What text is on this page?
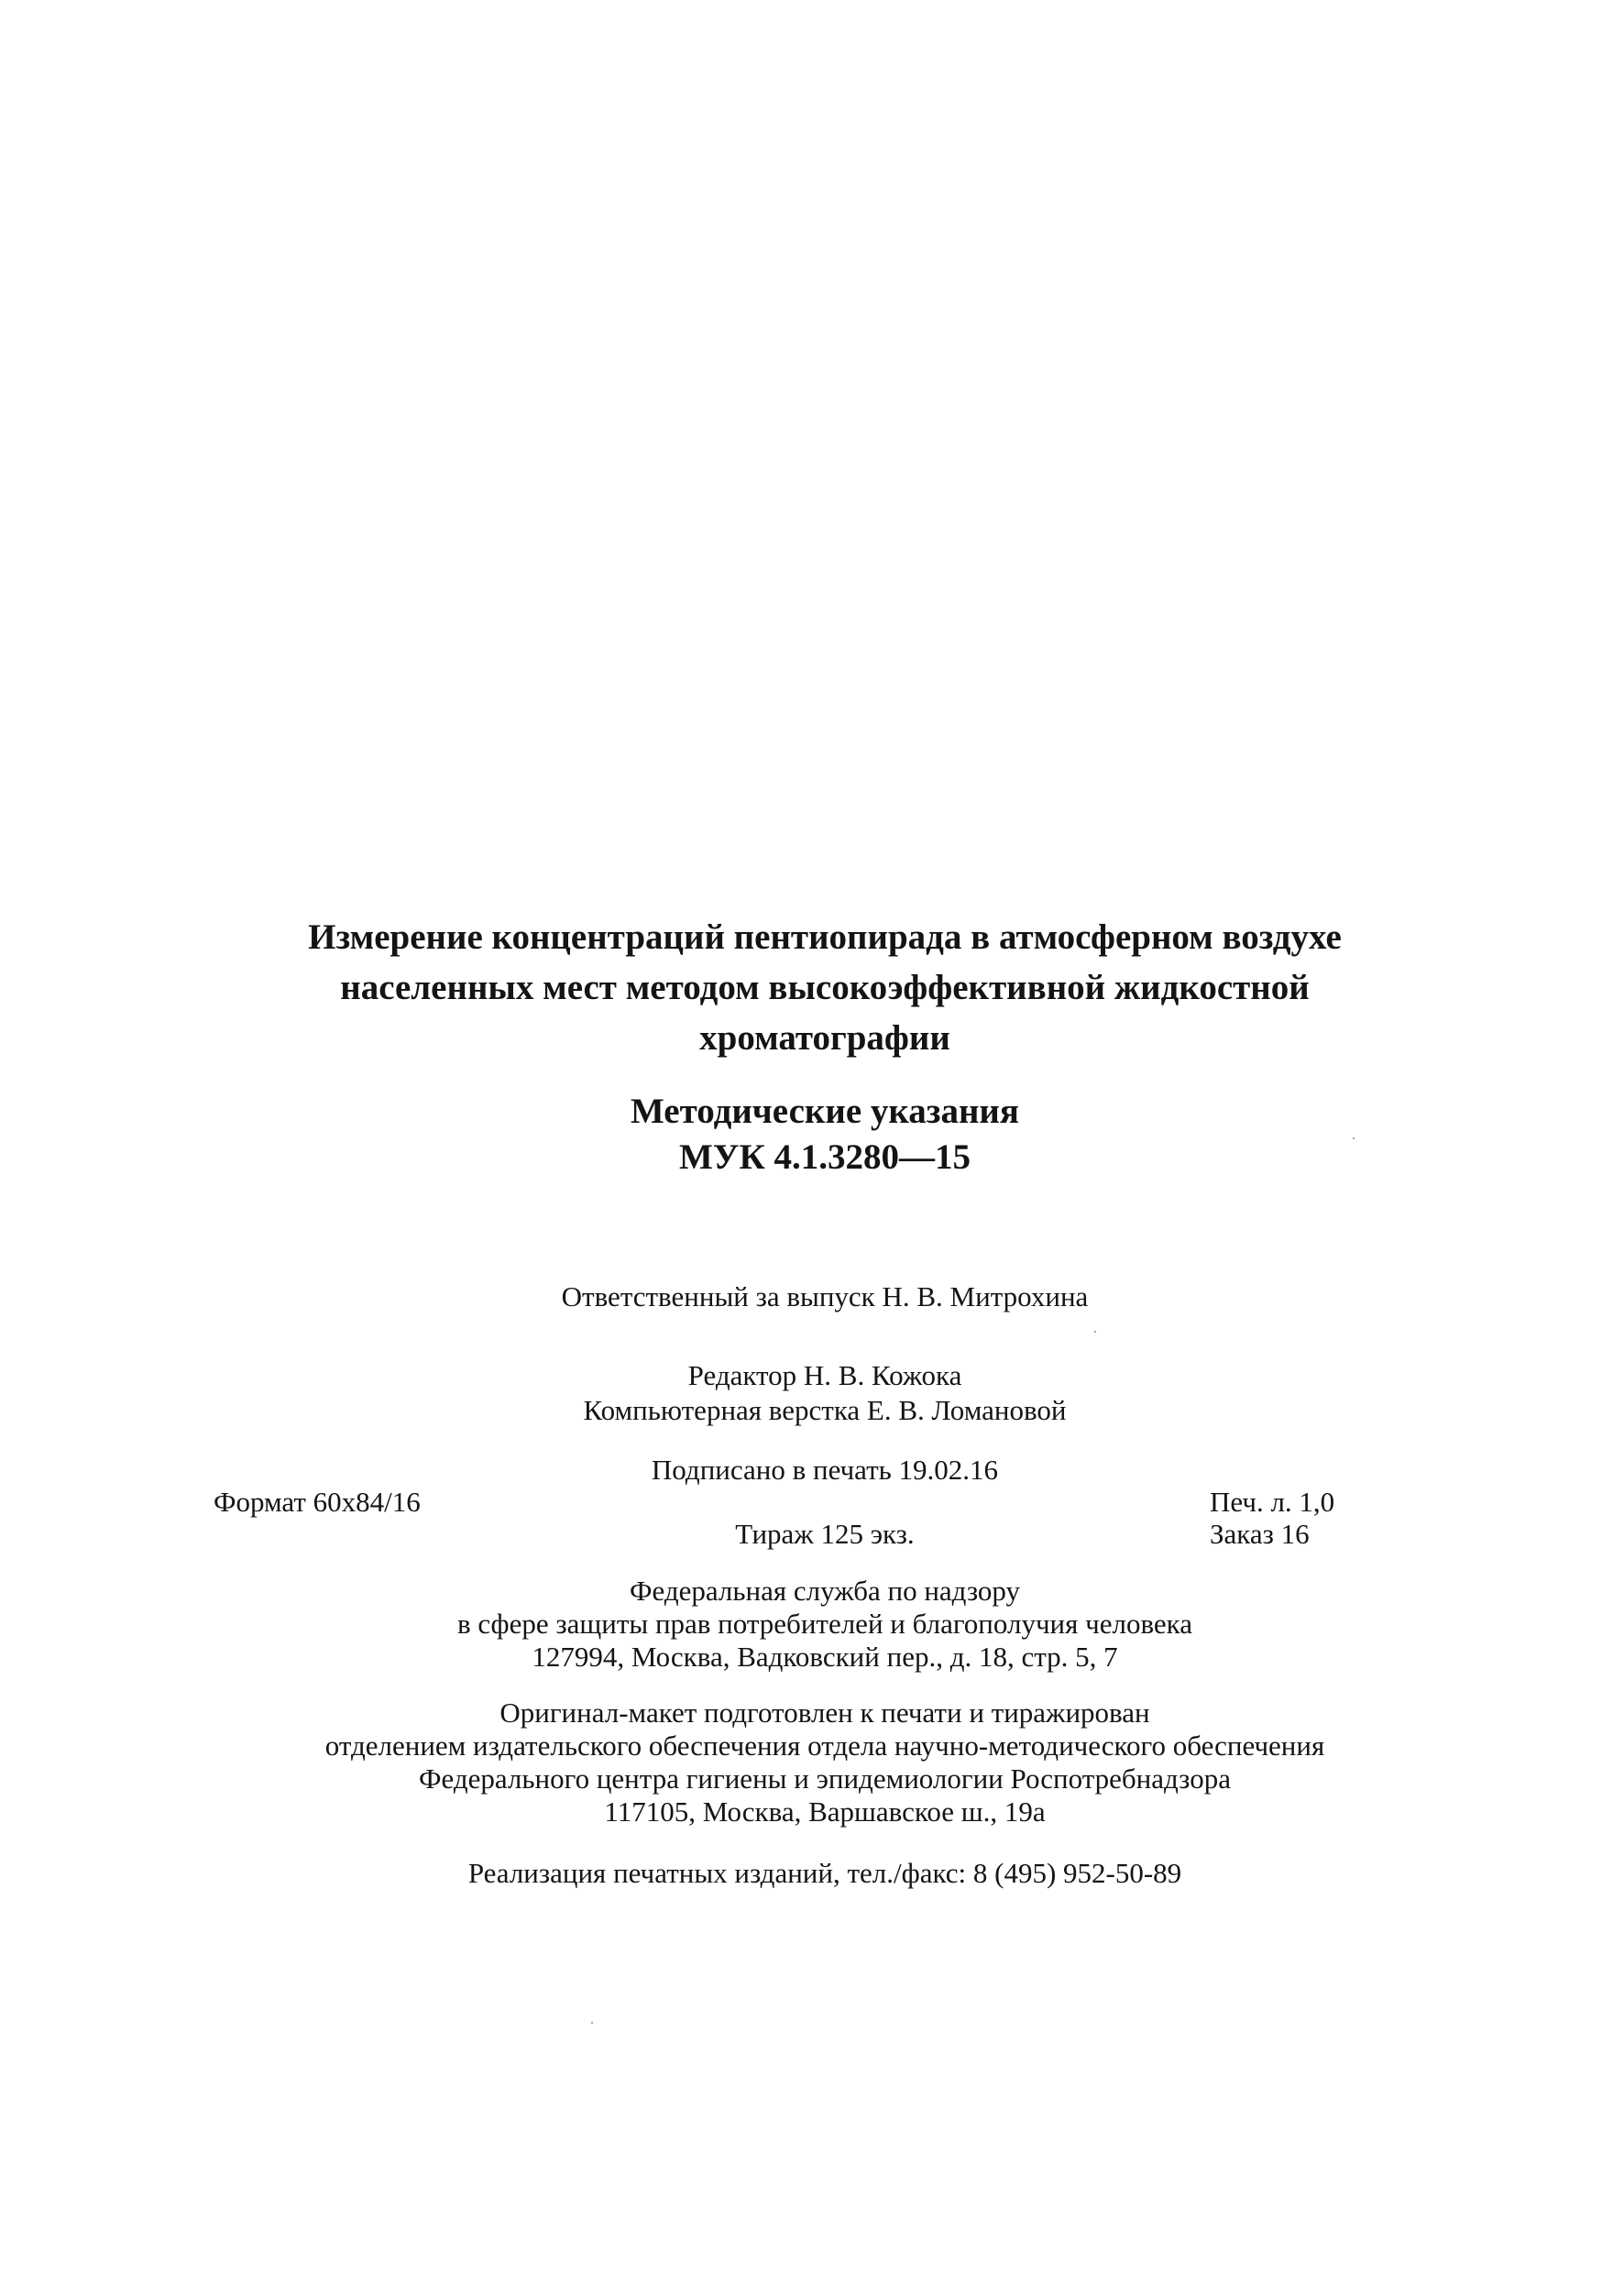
Измерение концентраций пентиопирада в атмосферном воздухе
населенных мест методом высокоэффективной жидкостной
хроматографии
Методические указания
МУК 4.1.3280—15
Ответственный за выпуск Н. В. Митрохина
Редактор Н. В. Кожока
Компьютерная верстка Е. В. Ломановой
Подписано в печать 19.02.16
Формат 60x84/16	Печ. л. 1,0
Тираж 125 экз.	Заказ 16
Федеральная служба по надзору
в сфере защиты прав потребителей и благополучия человека
127994, Москва, Вадковский пер., д. 18, стр. 5, 7
Оригинал-макет подготовлен к печати и тиражирован
отделением издательского обеспечения отдела научно-методического обеспечения
Федерального центра гигиены и эпидемиологии Роспотребнадзора
117105, Москва, Варшавское ш., 19а
Реализация печатных изданий, тел./факс: 8 (495) 952-50-89
